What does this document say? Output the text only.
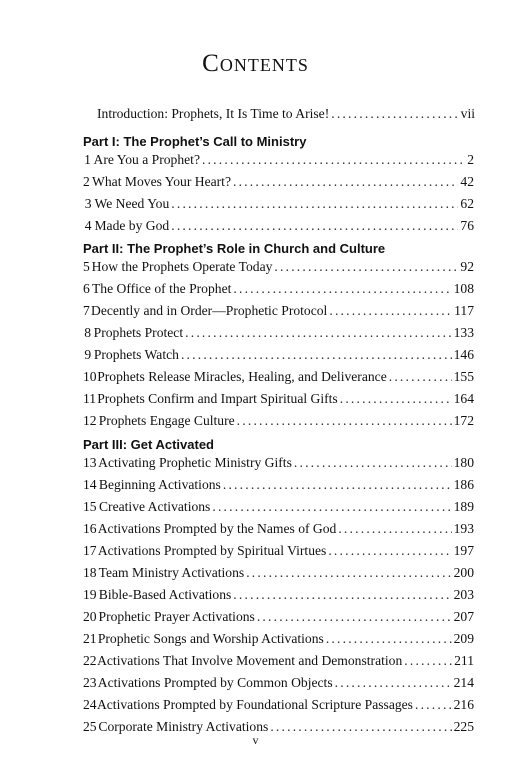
Contents
Introduction: Prophets, It Is Time to Arise! .....	vii
Part I: The Prophet’s Call to Ministry
1 Are You a Prophet? .....	2
2 What Moves Your Heart? .....	42
3 We Need You .....	62
4 Made by God .....	76
Part II: The Prophet’s Role in Church and Culture
5 How the Prophets Operate Today .....	92
6 The Office of the Prophet .....	108
7 Decently and in Order—Prophetic Protocol .....	117
8 Prophets Protect .....	133
9 Prophets Watch .....	146
10 Prophets Release Miracles, Healing, and Deliverance .....	155
11 Prophets Confirm and Impart Spiritual Gifts .....	164
12 Prophets Engage Culture .....	172
Part III: Get Activated
13 Activating Prophetic Ministry Gifts .....	180
14 Beginning Activations .....	186
15 Creative Activations .....	189
16 Activations Prompted by the Names of God .....	193
17 Activations Prompted by Spiritual Virtues .....	197
18 Team Ministry Activations .....	200
19 Bible-Based Activations .....	203
20 Prophetic Prayer Activations .....	207
21 Prophetic Songs and Worship Activations .....	209
22 Activations That Involve Movement and Demonstration .....	211
23 Activations Prompted by Common Objects .....	214
24 Activations Prompted by Foundational Scripture Passages .....	216
25 Corporate Ministry Activations .....	225
v
